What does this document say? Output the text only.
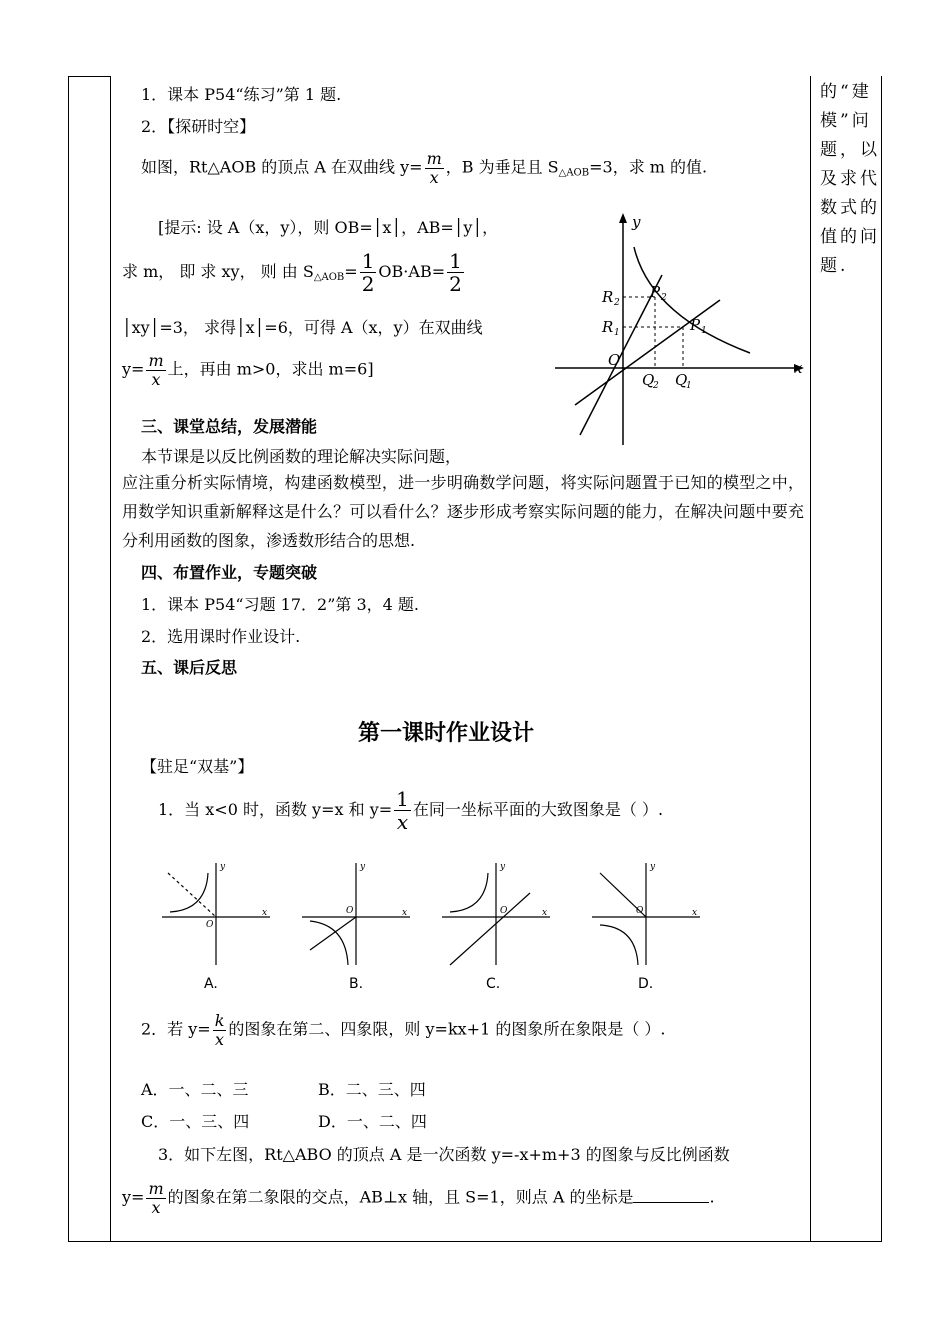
的“建模”问题，以及求代数式的值的问题.
1．课本 P54“练习”第 1 题.
2．【探研时空】
如图，Rt△AOB 的顶点 A 在双曲线 $y= \frac{m}{x}$ ，B 为垂足且 $S_{\triangle AOB}=3$，求 m 的值.
[提示: 设 A（x，y），则 OB=│x│，AB=│y│，
求 m， 即 求 xy， 则 由 $S_{\triangle AOB}= \frac{1}{2} OB\cdot AB= \frac{1}{2}$
│xy│=3， 求得│x│=6，可得 A（x，y）在双曲线
$y= \frac{m}{x}$ 上，再由 m>0，求出 m=6]
y
x
O
R 2
R 1
P 2
P 1
Q
2 Q
1
三、课堂总结，发展潜能
本节课是以反比例函数的理论解决实际问题，
应注重分析实际情境，构建函数模型，进一步明确数学问题，将实际问题置于已知的模型之中，用数学知识重新解释这是什么？可以看什么？逐步形成考察实际问题的能力，在解决问题中要充分利用函数的图象，渗透数形结合的思想.
四、布置作业，专题突破
1．课本 P54“习题 17．2”第 3，4 题.
2．选用课时作业设计.
五、课后反思
第一课时作业设计
【驻足“双基”】
1．当 x<0 时，函数 y=x 和 $y= \frac{1}{x}$ 在同一坐标平面的大致图象是（ ）.
y
x
O
y
x
O
y
x
O
y
x
O
A.	B.	C.	D.
2．若 $y= \frac{k}{x}$ 的图象在第二、四象限，则 y=kx+1 的图象所在象限是（ ）.
A．一、二、三	B．二、三、四
C．一、三、四	D．一、二、四
3．如下左图，Rt△ABO 的顶点 A 是一次函数 y=-x+m+3 的图象与反比例函数
$y= \frac{m}{x}$ 的图象在第二象限的交点，AB⊥x 轴，且 S=1，则点 A 的坐标是	.
